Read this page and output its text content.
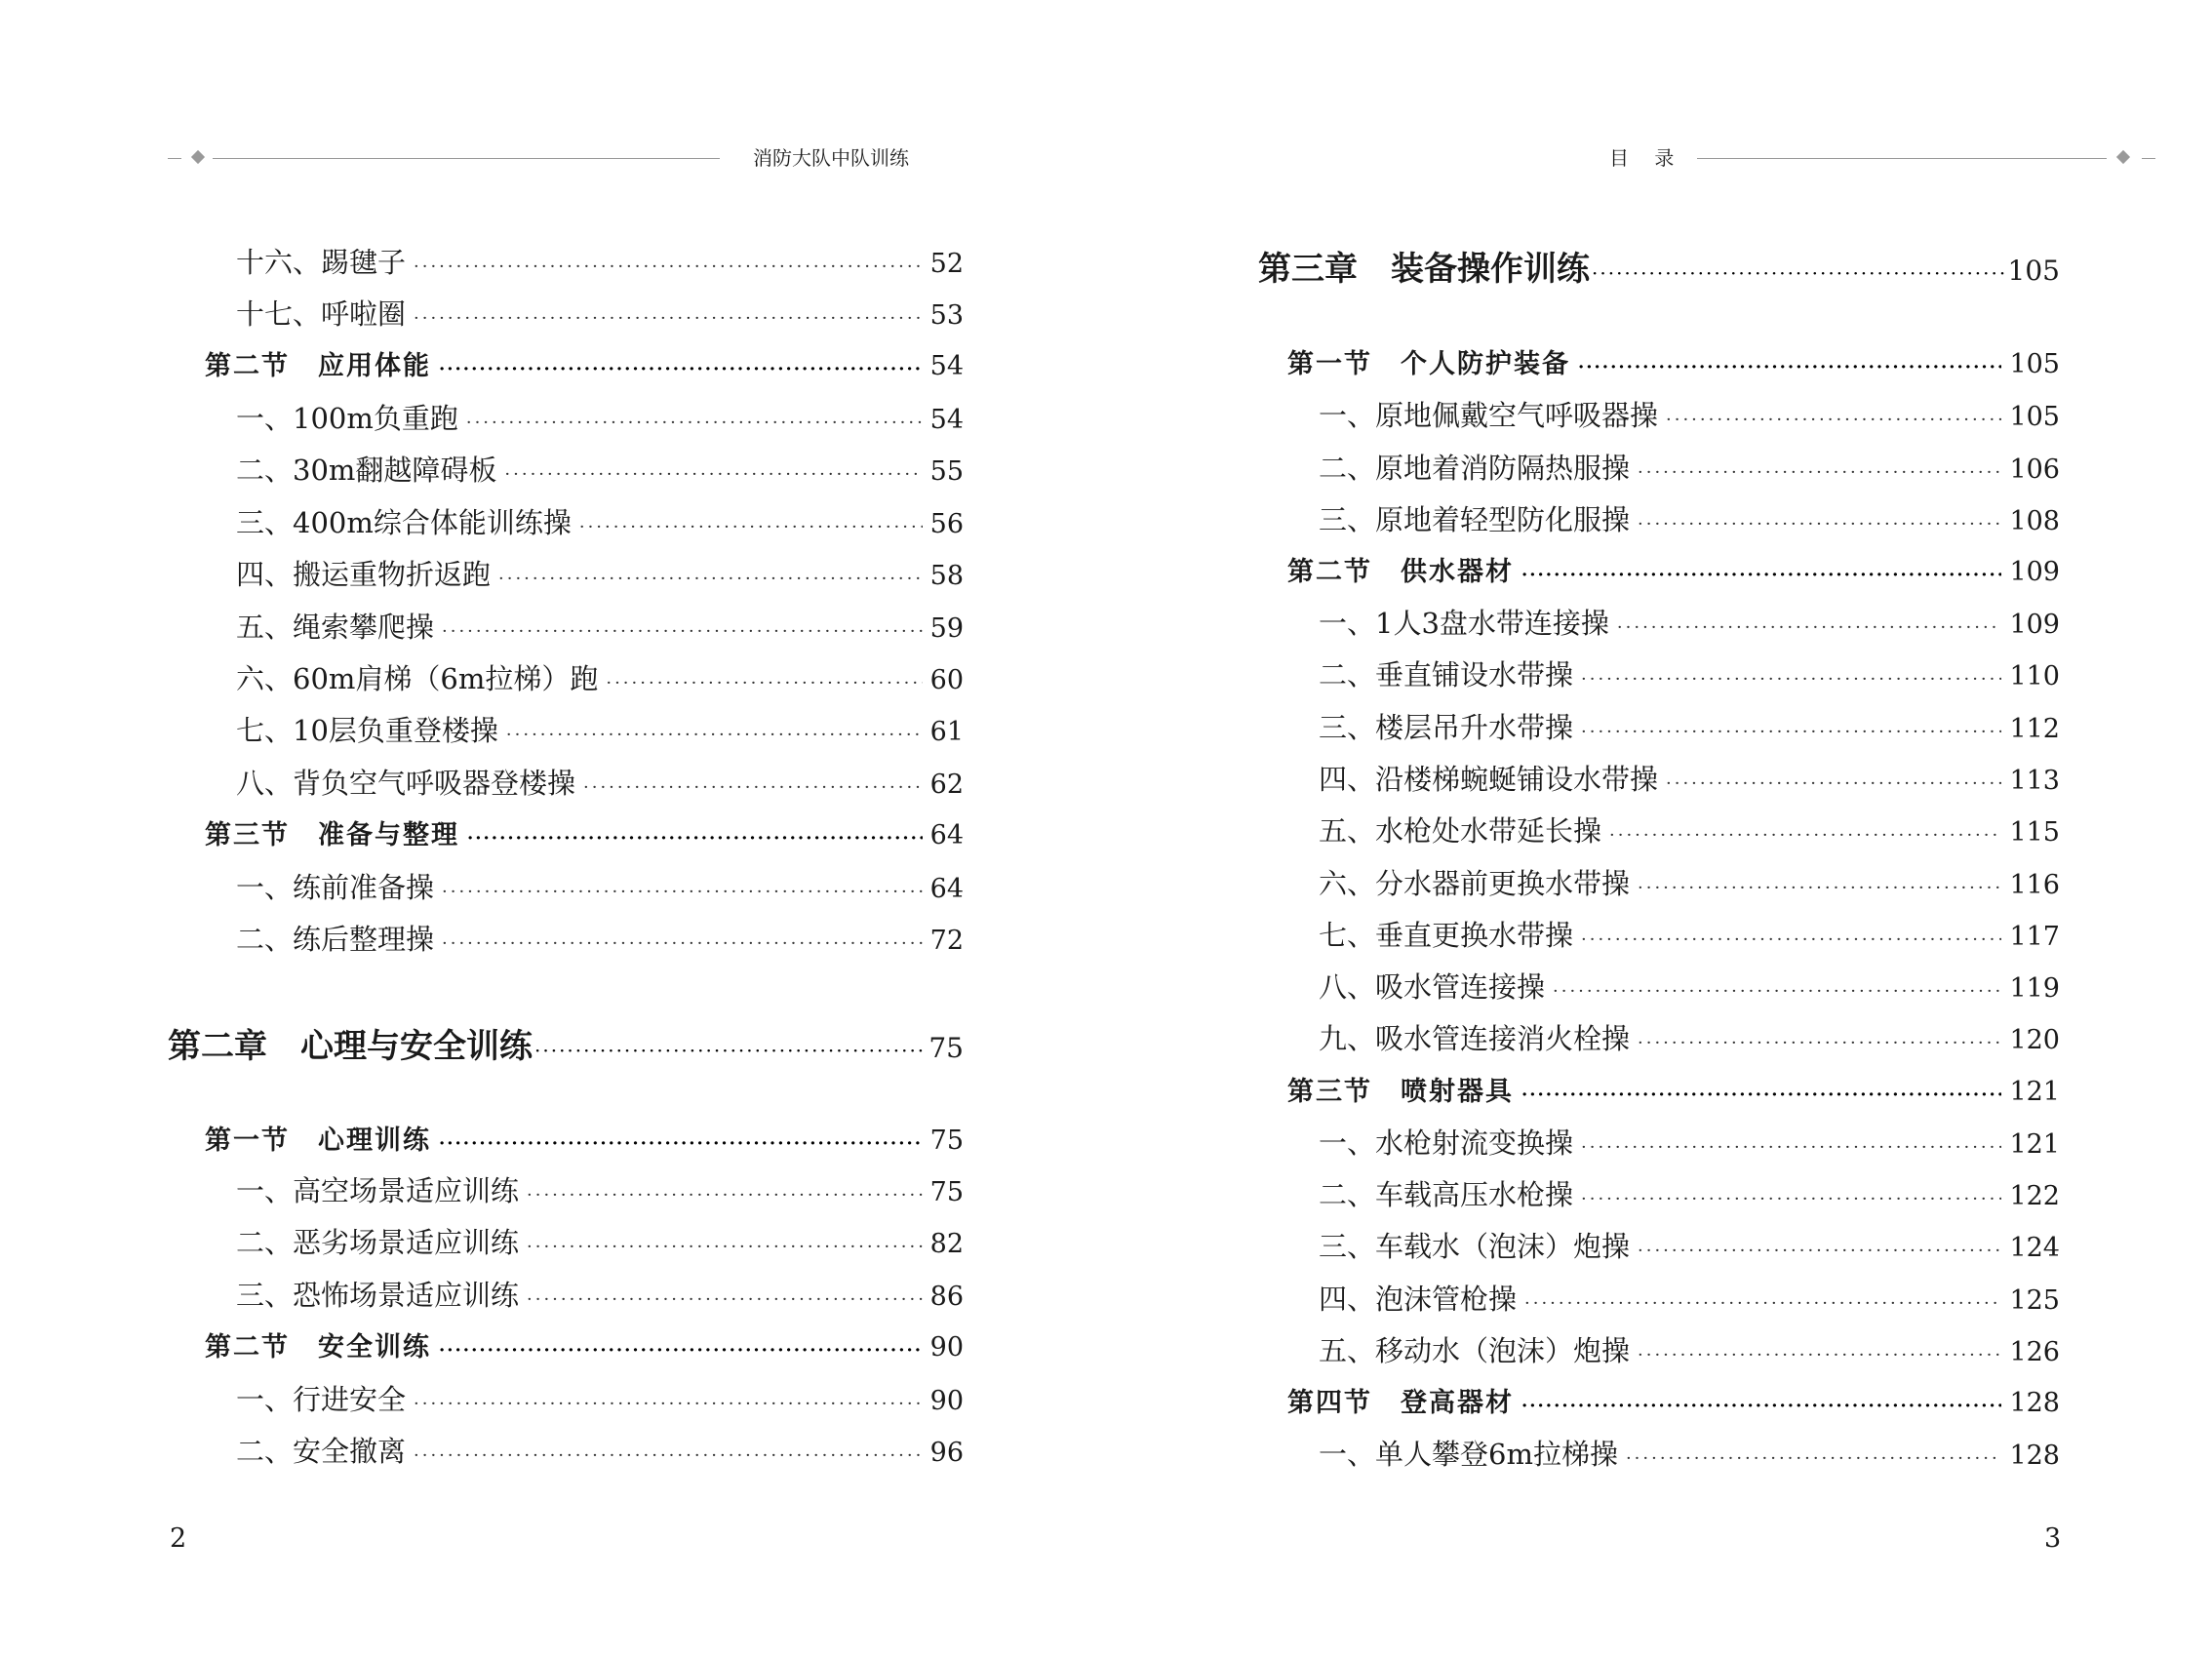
消防大队中队训练
十六、踢毽子 ·····	52
十七、呼啦圈 ·····	53
第二节　应用体能 ·····	54
一、100m负重跑 ·····	54
二、30m翻越障碍板 ·····	55
三、400m综合体能训练操 ·····	56
四、搬运重物折返跑 ·····	58
五、绳索攀爬操 ·····	59
六、60m肩梯（6m拉梯）跑 ·····	60
七、10层负重登楼操 ·····	61
八、背负空气呼吸器登楼操 ·····	62
第三节　准备与整理 ·····	64
一、练前准备操 ·····	64
二、练后整理操 ·····	72
第二章　心理与安全训练 ·····	75
第一节　心理训练 ·····	75
一、高空场景适应训练 ·····	75
二、恶劣场景适应训练 ·····	82
三、恐怖场景适应训练 ·····	86
第二节　安全训练 ·····	90
一、行进安全 ·····	90
二、安全撤离 ·····	96
2
目 录
第三章　装备操作训练 ·····	105
第一节　个人防护装备 ·····	105
一、原地佩戴空气呼吸器操 ·····	105
二、原地着消防隔热服操 ·····	106
三、原地着轻型防化服操 ·····	108
第二节　供水器材 ·····	109
一、1人3盘水带连接操 ·····	109
二、垂直铺设水带操 ·····	110
三、楼层吊升水带操 ·····	112
四、沿楼梯蜿蜒铺设水带操 ·····	113
五、水枪处水带延长操 ·····	115
六、分水器前更换水带操 ·····	116
七、垂直更换水带操 ·····	117
八、吸水管连接操 ·····	119
九、吸水管连接消火栓操 ·····	120
第三节　喷射器具 ·····	121
一、水枪射流变换操 ·····	121
二、车载高压水枪操 ·····	122
三、车载水（泡沫）炮操 ·····	124
四、泡沫管枪操 ·····	125
五、移动水（泡沫）炮操 ·····	126
第四节　登高器材 ·····	128
一、单人攀登6m拉梯操 ·····	128
3
